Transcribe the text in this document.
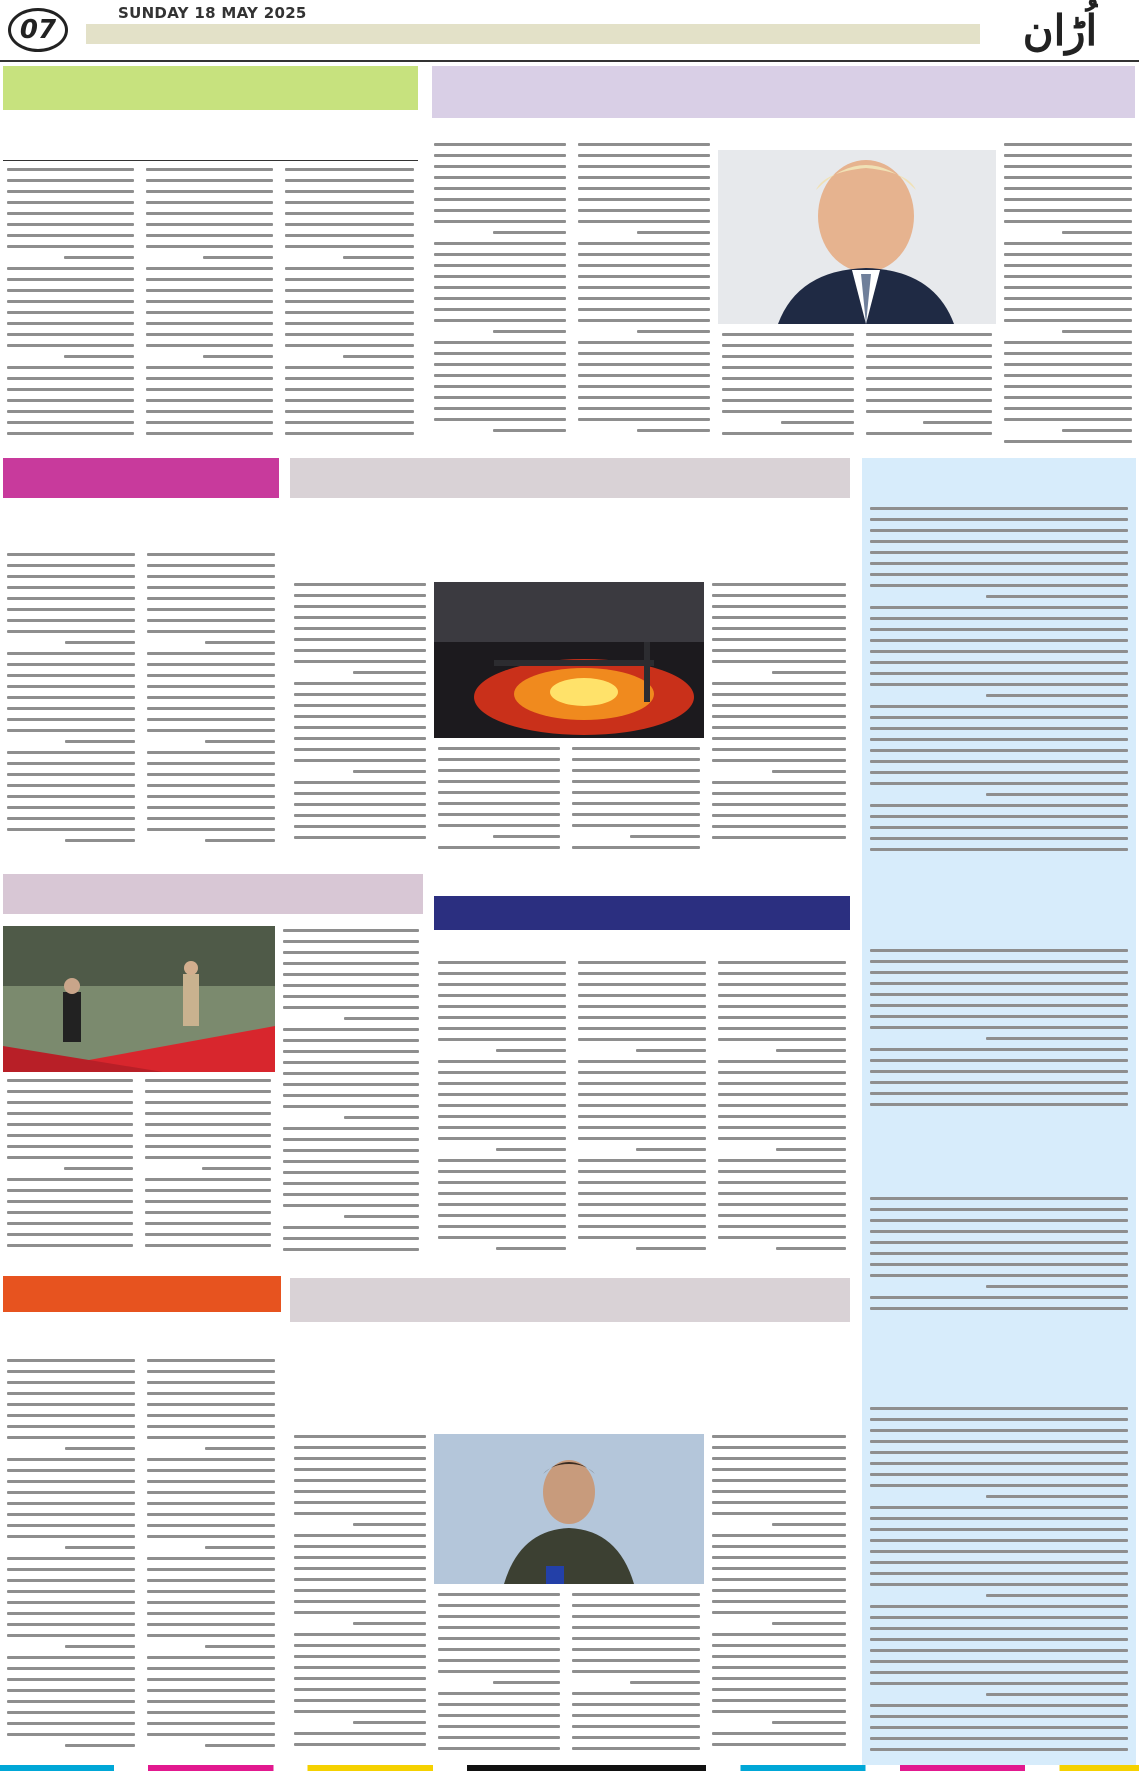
07
SUNDAY 18 MAY 2025	اُڑان
